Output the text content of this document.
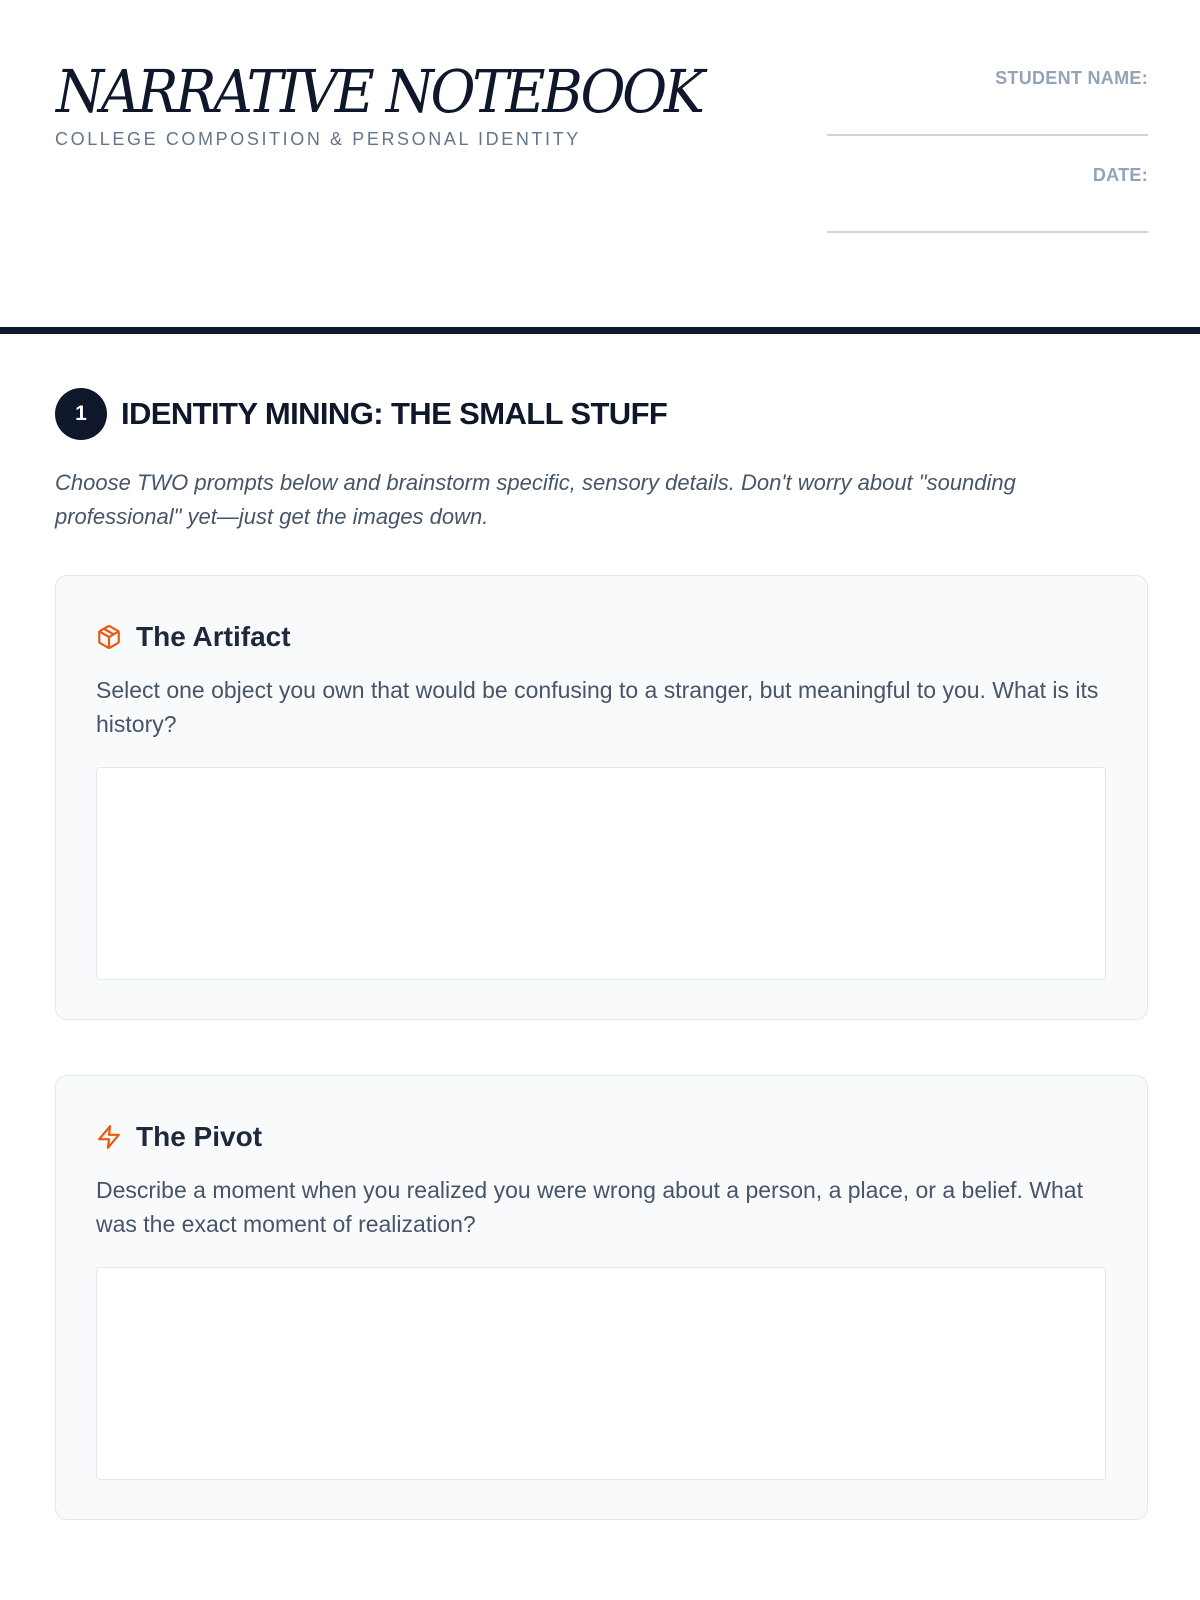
NARRATIVE NOTEBOOK
COLLEGE COMPOSITION & PERSONAL IDENTITY
STUDENT NAME:
DATE:
1	IDENTITY MINING: THE SMALL STUFF
Choose TWO prompts below and brainstorm specific, sensory details. Don't worry about "sounding professional" yet—just get the images down.
The Artifact
Select one object you own that would be confusing to a stranger, but meaningful to you. What is its history?
The Pivot
Describe a moment when you realized you were wrong about a person, a place, or a belief. What was the exact moment of realization?
